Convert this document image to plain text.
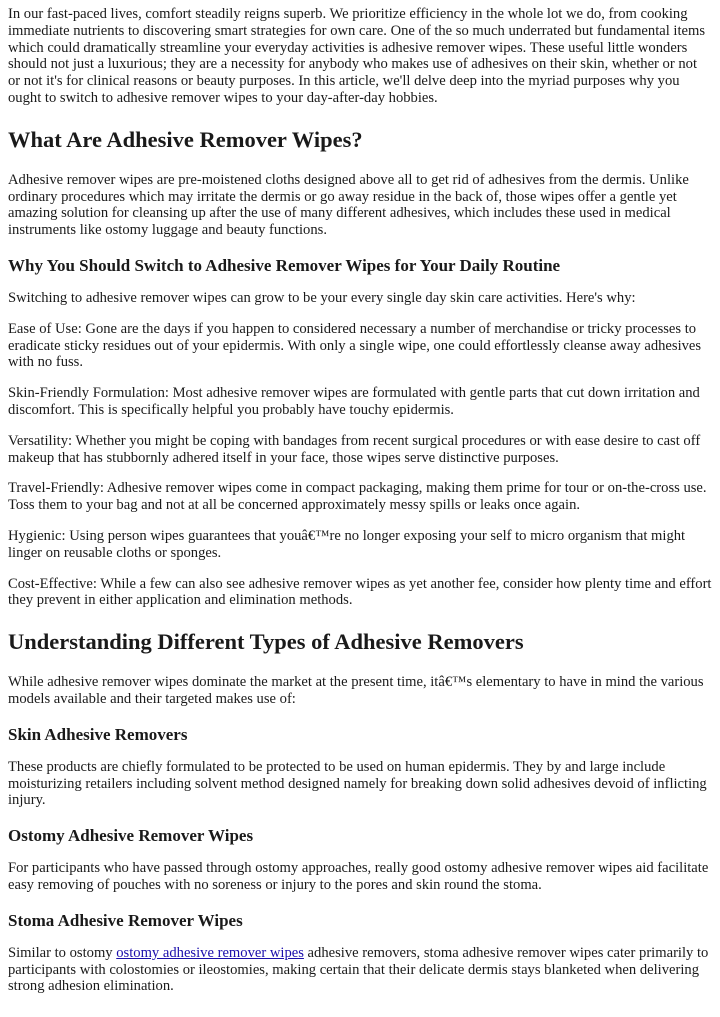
In our fast-paced lives, comfort steadily reigns superb. We prioritize efficiency in the whole lot we do, from cooking immediate nutrients to discovering smart strategies for own care. One of the so much underrated but fundamental items which could dramatically streamline your everyday activities is adhesive remover wipes. These useful little wonders should not just a luxurious; they are a necessity for anybody who makes use of adhesives on their skin, whether or not or not it's for clinical reasons or beauty purposes. In this article, we'll delve deep into the myriad purposes why you ought to switch to adhesive remover wipes to your day-after-day hobbies.

What Are Adhesive Remover Wipes?

Adhesive remover wipes are pre-moistened cloths designed above all to get rid of adhesives from the dermis. Unlike ordinary procedures which may irritate the dermis or go away residue in the back of, those wipes offer a gentle yet amazing solution for cleansing up after the use of many different adhesives, which includes these used in medical instruments like ostomy luggage and beauty functions.

Why You Should Switch to Adhesive Remover Wipes for Your Daily Routine

Switching to adhesive remover wipes can grow to be your every single day skin care activities. Here's why:

Ease of Use: Gone are the days if you happen to considered necessary a number of merchandise or tricky processes to eradicate sticky residues out of your epidermis. With only a single wipe, one could effortlessly cleanse away adhesives with no fuss.

Skin-Friendly Formulation: Most adhesive remover wipes are formulated with gentle parts that cut down irritation and discomfort. This is specifically helpful you probably have touchy epidermis.

Versatility: Whether you might be coping with bandages from recent surgical procedures or with ease desire to cast off makeup that has stubbornly adhered itself in your face, those wipes serve distinctive purposes.

Travel-Friendly: Adhesive remover wipes come in compact packaging, making them prime for tour or on-the-cross use. Toss them to your bag and not at all be concerned approximately messy spills or leaks once again.

Hygienic: Using person wipes guarantees that youâ€™re no longer exposing your self to micro organism that might linger on reusable cloths or sponges.

Cost-Effective: While a few can also see adhesive remover wipes as yet another fee, consider how plenty time and effort they prevent in either application and elimination methods.

Understanding Different Types of Adhesive Removers

While adhesive remover wipes dominate the market at the present time, itâ€™s elementary to have in mind the various models available and their targeted makes use of:

Skin Adhesive Removers

These products are chiefly formulated to be protected to be used on human epidermis. They by and large include moisturizing retailers including solvent method designed namely for breaking down solid adhesives devoid of inflicting injury.

Ostomy Adhesive Remover Wipes

For participants who have passed through ostomy approaches, really good ostomy adhesive remover wipes aid facilitate easy removing of pouches with no soreness or injury to the pores and skin round the stoma.

Stoma Adhesive Remover Wipes

Similar to ostomy ostomy adhesive remover wipes adhesive removers, stoma adhesive remover wipes cater primarily to participants with colostomies or ileostomies, making certain that their delicate dermis stays blanketed when delivering strong adhesion elimination.
